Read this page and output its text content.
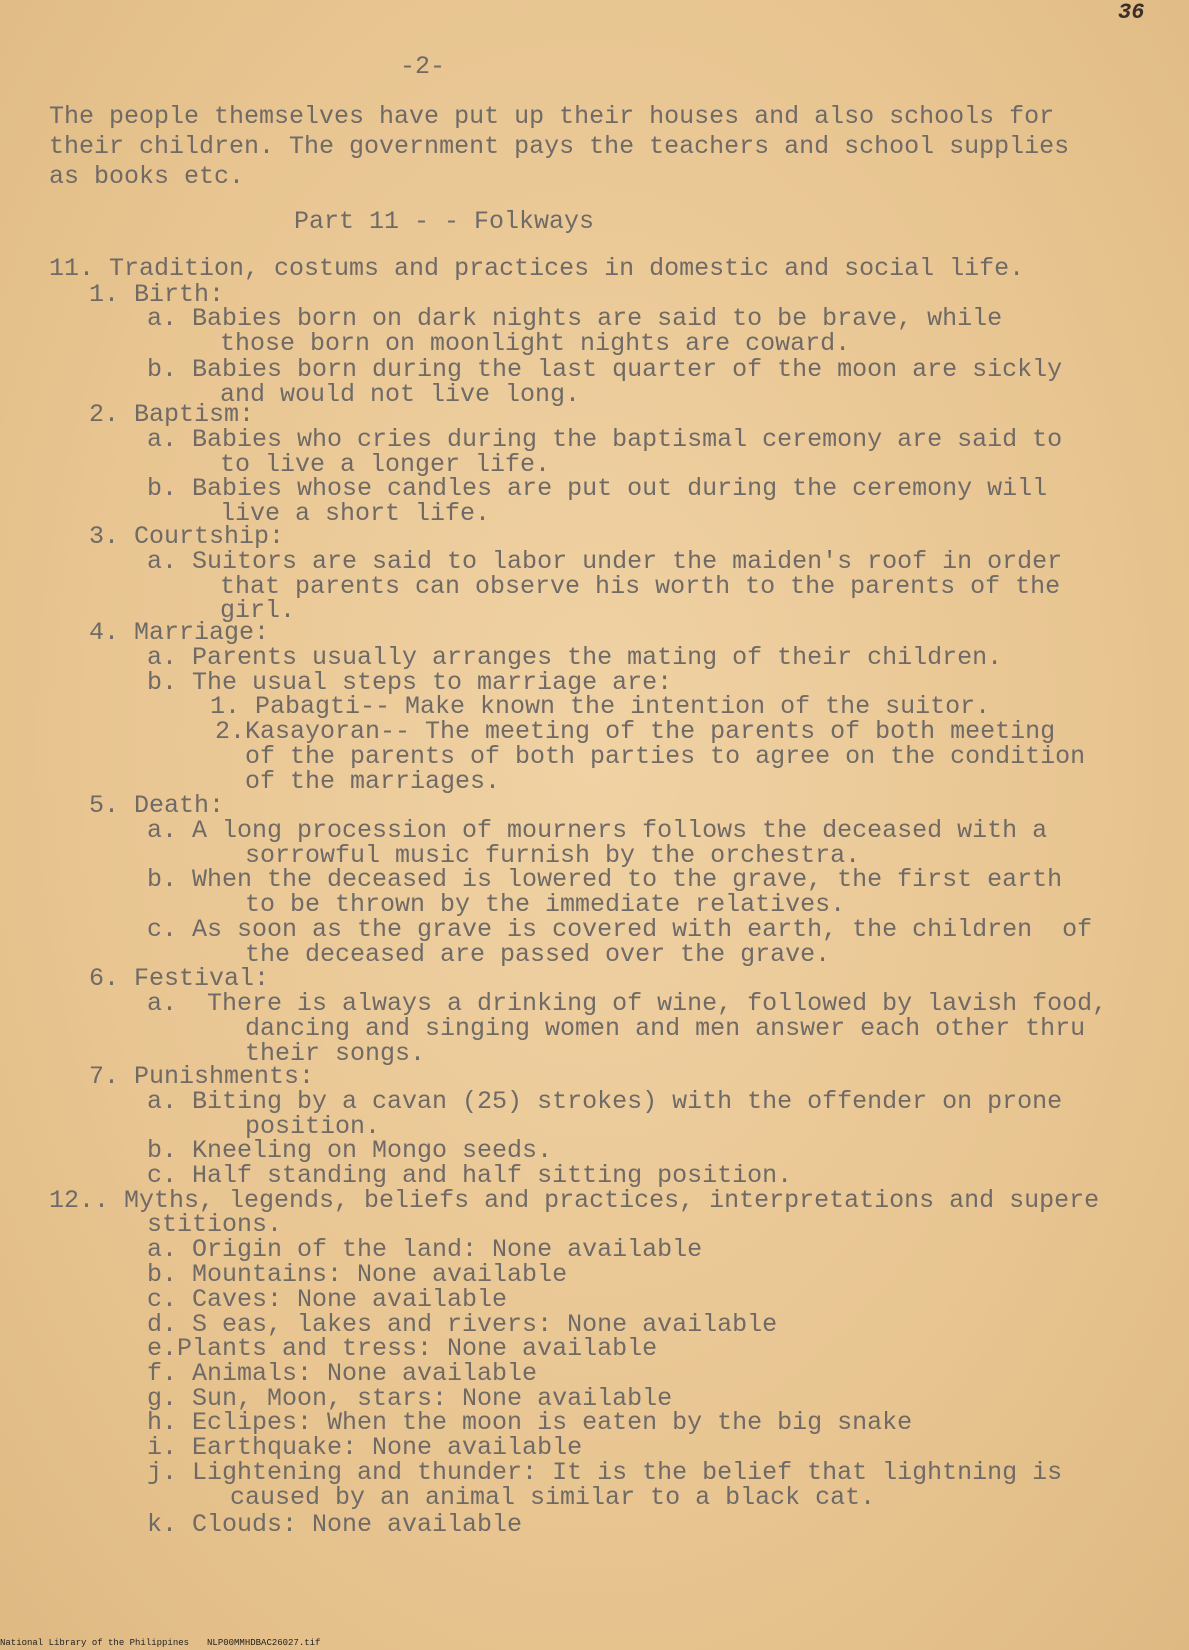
-2-
36
The people themselves have put up their houses and also schools for
their children. The government pays the teachers and school supplies
as books etc.
Part 11 - - Folkways
11. Tradition, costums and practices in domestic and social life.
1. Birth:
a. Babies born on dark nights are said to be brave, while
those born on moonlight nights are coward.
b. Babies born during the last quarter of the moon are sickly
and would not live long.
2. Baptism:
a. Babies who cries during the baptismal ceremony are said to
to live a longer life.
b. Babies whose candles are put out during the ceremony will
live a short life.
3. Courtship:
a. Suitors are said to labor under the maiden's roof in order
that parents can observe his worth to the parents of the
girl.
4. Marriage:
a. Parents usually arranges the mating of their children.
b. The usual steps to marriage are:
1. Pabagti-- Make known the intention of the suitor.
2.Kasayoran-- The meeting of the parents of both meeting
of the parents of both parties to agree on the condition
of the marriages.
5. Death:
a. A long procession of mourners follows the deceased with a
sorrowful music furnish by the orchestra.
b. When the deceased is lowered to the grave, the first earth
to be thrown by the immediate relatives.
c. As soon as the grave is covered with earth, the children  of
the deceased are passed over the grave.
6. Festival:
a.  There is always a drinking of wine, followed by lavish food,
dancing and singing women and men answer each other thru
their songs.
7. Punishments:
a. Biting by a cavan (25) strokes) with the offender on prone
position.
b. Kneeling on Mongo seeds.
c. Half standing and half sitting position.
12.. Myths, legends, beliefs and practices, interpretations and supere
stitions.
a. Origin of the land: None available
b. Mountains: None available
c. Caves: None available
d. S eas, lakes and rivers: None available
e.Plants and tress: None available
f. Animals: None available
g. Sun, Moon, stars: None available
h. Eclipes: When the moon is eaten by the big snake
i. Earthquake: None available
j. Lightening and thunder: It is the belief that lightning is
caused by an animal similar to a black cat.
k. Clouds: None available
National Library of the Philippines NLP00MMHDBAC26027.tif
